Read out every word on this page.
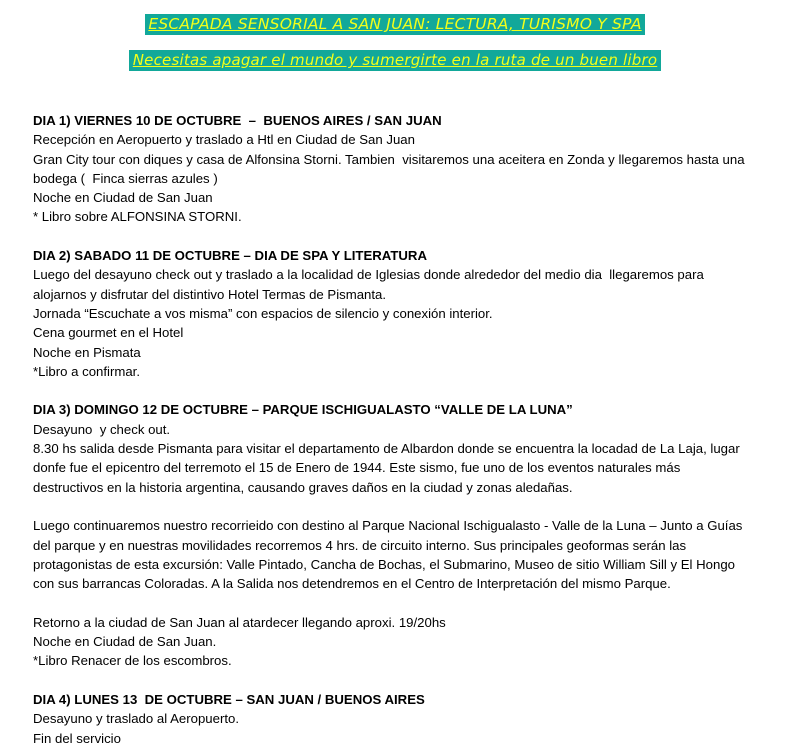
ESCAPADA SENSORIAL A SAN JUAN: LECTURA, TURISMO Y SPA
Necesitas apagar el mundo y sumergirte en la ruta de un buen libro

DIA 1) VIERNES 10 DE OCTUBRE  –  BUENOS AIRES / SAN JUAN

Recepción en Aeropuerto y traslado a Htl en Ciudad de San Juan

Gran City tour con diques y casa de Alfonsina Storni. Tambien  visitaremos una aceitera en Zonda y llegaremos hasta una

bodega (  Finca sierras azules )

Noche en Ciudad de San Juan

* Libro sobre ALFONSINA STORNI.

DIA 2) SABADO 11 DE OCTUBRE – DIA DE SPA Y LITERATURA

Luego del desayuno check out y traslado a la localidad de Iglesias donde alrededor del medio dia  llegaremos para

alojarnos y disfrutar del distintivo Hotel Termas de Pismanta.

Jornada “Escuchate a vos misma” con espacios de silencio y conexión interior.

Cena gourmet en el Hotel

Noche en Pismata

*Libro a confirmar.

DIA 3) DOMINGO 12 DE OCTUBRE – PARQUE ISCHIGUALASTO “VALLE DE LA LUNA”

Desayuno  y check out.

8.30 hs salida desde Pismanta para visitar el departamento de Albardon donde se encuentra la locadad de La Laja, lugar

donfe fue el epicentro del terremoto el 15 de Enero de 1944. Este sismo, fue uno de los eventos naturales más

destructivos en la historia argentina, causando graves daños en la ciudad y zonas aledañas.

Luego continuaremos nuestro recorrieido con destino al Parque Nacional Ischigualasto - Valle de la Luna – Junto a Guías

del parque y en nuestras movilidades recorremos 4 hrs. de circuito interno. Sus principales geoformas serán las

protagonistas de esta excursión: Valle Pintado, Cancha de Bochas, el Submarino, Museo de sitio William Sill y El Hongo

con sus barrancas Coloradas. A la Salida nos detendremos en el Centro de Interpretación del mismo Parque.

Retorno a la ciudad de San Juan al atardecer llegando aproxi. 19/20hs

Noche en Ciudad de San Juan.

*Libro Renacer de los escombros.

DIA 4) LUNES 13  DE OCTUBRE – SAN JUAN / BUENOS AIRES

Desayuno y traslado al Aeropuerto.

Fin del servicio
